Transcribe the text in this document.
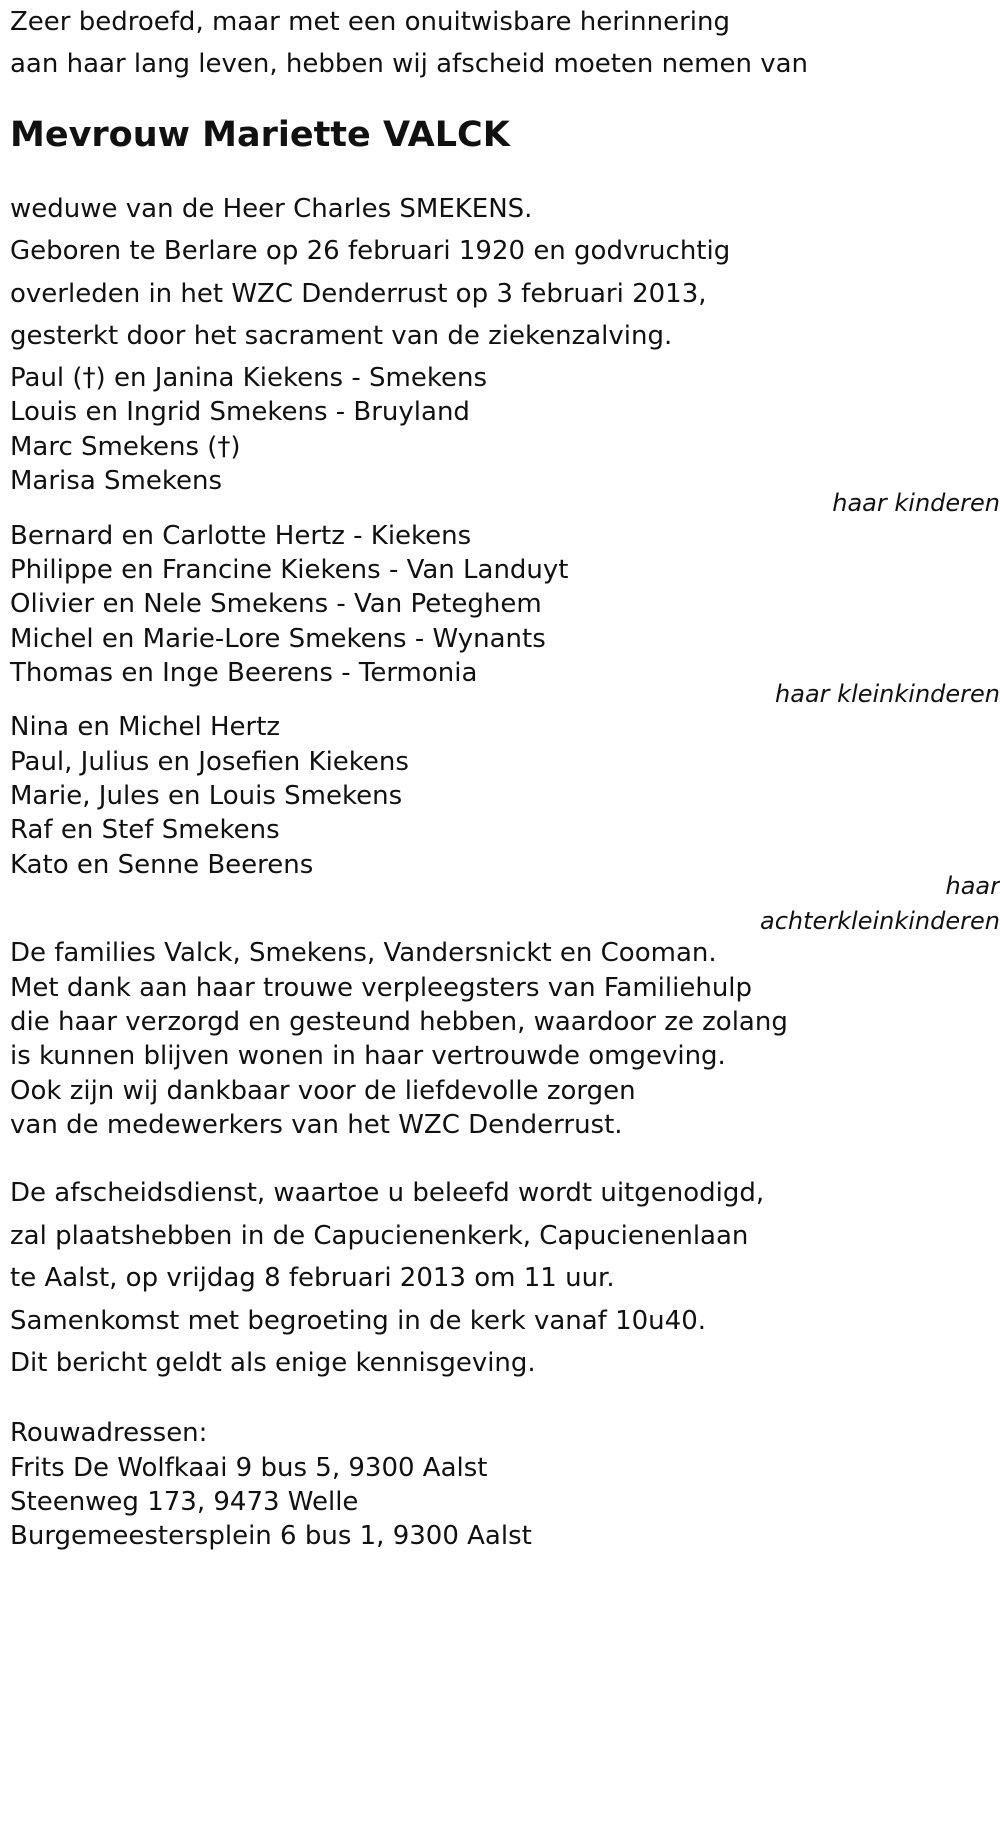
Zeer bedroefd, maar met een onuitwisbare herinnering
aan haar lang leven, hebben wij afscheid moeten nemen van
Mevrouw Mariette VALCK
weduwe van de Heer Charles SMEKENS.
Geboren te Berlare op 26 februari 1920 en godvruchtig
overleden in het WZC Denderrust op 3 februari 2013,
gesterkt door het sacrament van de ziekenzalving.
Paul (†) en Janina Kiekens - Smekens
Louis en Ingrid Smekens - Bruyland
Marc Smekens (†)
Marisa Smekens
haar kinderen
Bernard en Carlotte Hertz - Kiekens
Philippe en Francine Kiekens - Van Landuyt
Olivier en Nele Smekens - Van Peteghem
Michel en Marie-Lore Smekens - Wynants
Thomas en Inge Beerens - Termonia
haar kleinkinderen
Nina en Michel Hertz
Paul, Julius en Josefien Kiekens
Marie, Jules en Louis Smekens
Raf en Stef Smekens
Kato en Senne Beerens
haar
achterkleinkinderen
De families Valck, Smekens, Vandersnickt en Cooman.
Met dank aan haar trouwe verpleegsters van Familiehulp
die haar verzorgd en gesteund hebben, waardoor ze zolang
is kunnen blijven wonen in haar vertrouwde omgeving.
Ook zijn wij dankbaar voor de liefdevolle zorgen
van de medewerkers van het WZC Denderrust.
De afscheidsdienst, waartoe u beleefd wordt uitgenodigd,
zal plaatshebben in de Capucienenkerk, Capucienenlaan
te Aalst, op vrijdag 8 februari 2013 om 11 uur.
Samenkomst met begroeting in de kerk vanaf 10u40.
Dit bericht geldt als enige kennisgeving.
Rouwadressen:
Frits De Wolfkaai 9 bus 5, 9300 Aalst
Steenweg 173, 9473 Welle
Burgemeestersplein 6 bus 1, 9300 Aalst
